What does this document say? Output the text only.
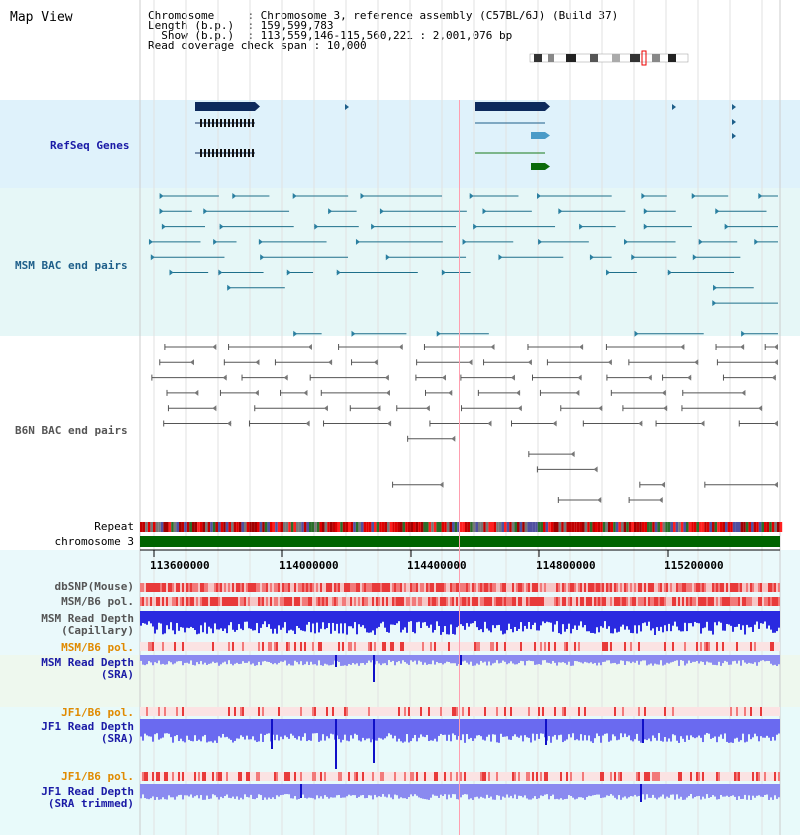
Map View	Chromosome     : Chromosome 3, reference assembly (C57BL/6J) (Build 37)
Length (b.p.)  : 159,599,783
Show (b.p.)  : 113,559,146-115,560,221 : 2,001,076 bp
Read coverage check span : 10,000
RefSeq Genes
MSM BAC end pairs
B6N BAC end pairs
Repeat
chromosome 3
dbSNP(Mouse)
MSM/B6 pol.
MSM Read Depth
(Capillary)
MSM/B6 pol.
MSM Read Depth
(SRA)
JF1/B6 pol.
JF1 Read Depth
(SRA)
JF1/B6 pol.
JF1 Read Depth
(SRA trimmed)
113600000	114000000	114400000	114800000	115200000
